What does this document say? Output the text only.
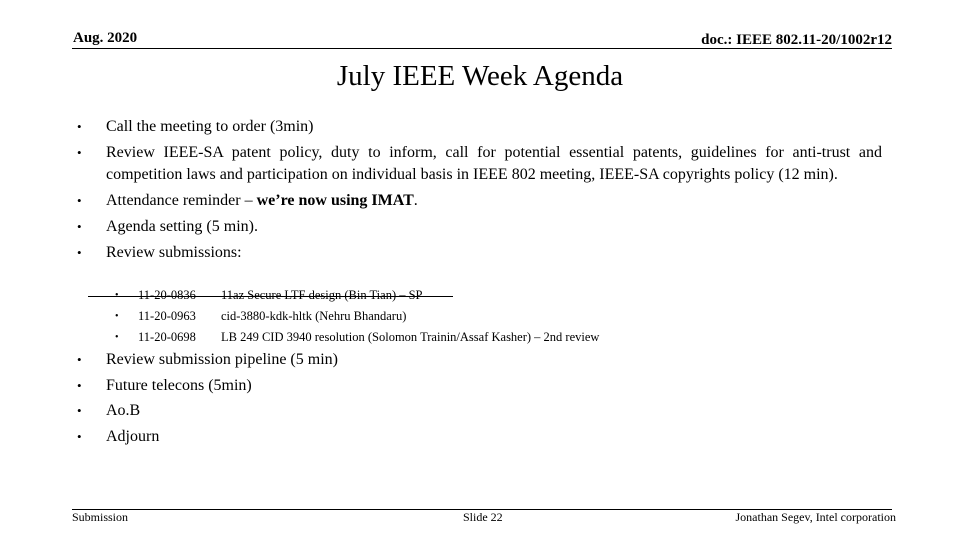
Aug. 2020	doc.: IEEE 802.11-20/1002r12
July IEEE Week Agenda
• Call the meeting to order (3min)
• Review IEEE-SA patent policy, duty to inform, call for potential essential patents, guidelines for anti-trust and competition laws and participation on individual basis in IEEE 802 meeting, IEEE-SA copyrights policy (12 min).
• Attendance reminder – we’re now using IMAT.
• Agenda setting (5 min).
• Review submissions:
• 11-20-0836 11az Secure LTF design (Bin Tian) – SP
• 11-20-0963 cid-3880-kdk-hltk (Nehru Bhandaru)
• 11-20-0698 LB 249 CID 3940 resolution (Solomon Trainin/Assaf Kasher) – 2nd review
• Review submission pipeline (5 min)
• Future telecons (5min)
• Ao.B
• Adjourn
Submission	Slide 22	Jonathan Segev, Intel corporation
